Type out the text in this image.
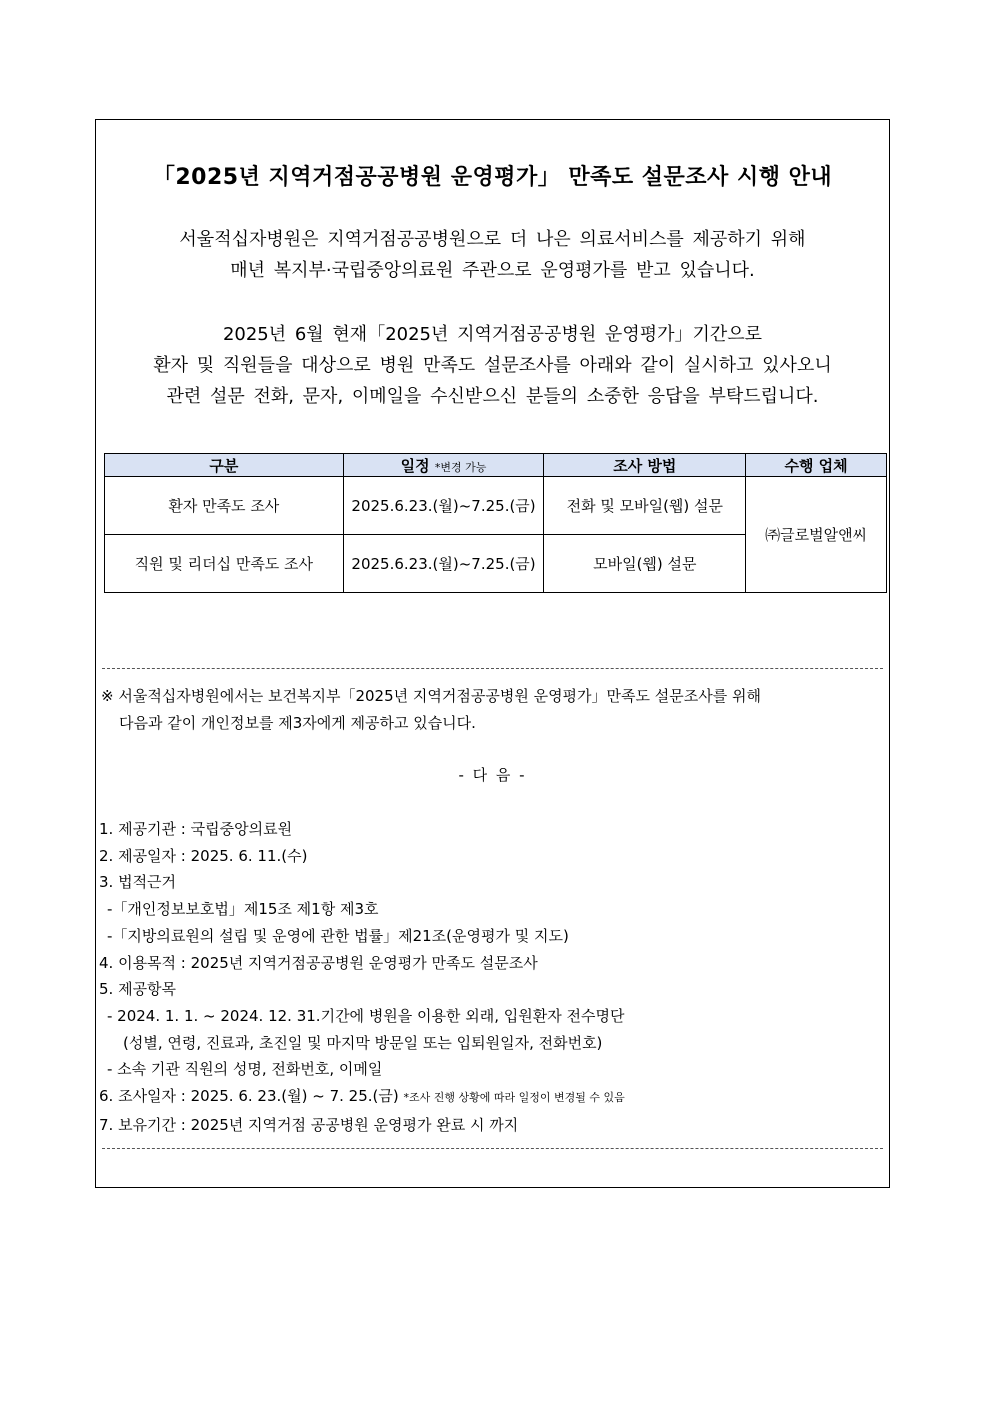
「2025년 지역거점공공병원 운영평가」 만족도 설문조사 시행 안내
서울적십자병원은 지역거점공공병원으로 더 나은 의료서비스를 제공하기 위해
매년 복지부·국립중앙의료원 주관으로 운영평가를 받고 있습니다.
2025년 6월 현재「2025년 지역거점공공병원 운영평가」기간으로
환자 및 직원들을 대상으로 병원 만족도 설문조사를 아래와 같이 실시하고 있사오니
관련 설문 전화, 문자, 이메일을 수신받으신 분들의 소중한 응답을 부탁드립니다.
구분	일정 *변경 가능	조사 방법	수행 업체
환자 만족도 조사	2025.6.23.(월)~7.25.(금)	전화 및 모바일(웹) 설문	㈜글로벌알앤씨
직원 및 리더십 만족도 조사	2025.6.23.(월)~7.25.(금)	모바일(웹) 설문	
※ 서울적십자병원에서는 보건복지부「2025년 지역거점공공병원 운영평가」만족도 설문조사를 위해
다음과 같이 개인정보를 제3자에게 제공하고 있습니다.
- 다 음 -
1. 제공기관 : 국립중앙의료원
2. 제공일자 : 2025. 6. 11.(수)
3. 법적근거
-「개인정보보호법」제15조 제1항 제3호
-「지방의료원의 설립 및 운영에 관한 법률」제21조(운영평가 및 지도)
4. 이용목적 : 2025년 지역거점공공병원 운영평가 만족도 설문조사
5. 제공항목
- 2024. 1. 1. ~ 2024. 12. 31.기간에 병원을 이용한 외래, 입원환자 전수명단
(성별, 연령, 진료과, 초진일 및 마지막 방문일 또는 입퇴원일자, 전화번호)
- 소속 기관 직원의 성명, 전화번호, 이메일
6. 조사일자 : 2025. 6. 23.(월) ~ 7. 25.(금) *조사 진행 상황에 따라 일정이 변경될 수 있음
7. 보유기간 : 2025년 지역거점 공공병원 운영평가 완료 시 까지
